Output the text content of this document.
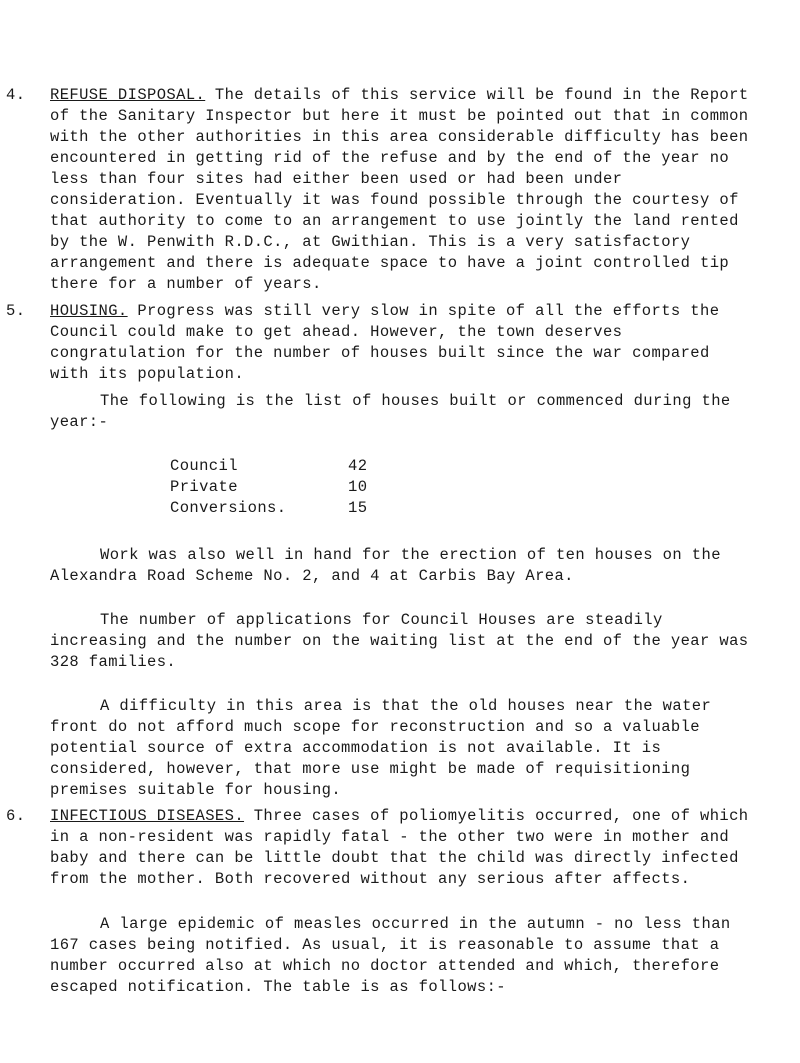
4. REFUSE DISPOSAL. The details of this service will be found in the Report of the Sanitary Inspector but here it must be pointed out that in common with the other authorities in this area considerable difficulty has been encountered in getting rid of the refuse and by the end of the year no less than four sites had either been used or had been under consideration. Eventually it was found possible through the courtesy of that authority to come to an arrangement to use jointly the land rented by the W. Penwith R.D.C., at Gwithian. This is a very satisfactory arrangement and there is adequate space to have a joint controlled tip there for a number of years.

5. HOUSING. Progress was still very slow in spite of all the efforts the Council could make to get ahead. However, the town deserves congratulation for the number of houses built since the war compared with its population.

The following is the list of houses built or commenced during the year:-

Council	42
Private	10
Conversions.	15

Work was also well in hand for the erection of ten houses on the Alexandra Road Scheme No. 2, and 4 at Carbis Bay Area.

The number of applications for Council Houses are steadily increasing and the number on the waiting list at the end of the year was 328 families.

A difficulty in this area is that the old houses near the water front do not afford much scope for reconstruction and so a valuable potential source of extra accommodation is not available. It is considered, however, that more use might be made of requisitioning premises suitable for housing.

6. INFECTIOUS DISEASES. Three cases of poliomyelitis occurred, one of which in a non-resident was rapidly fatal - the other two were in mother and baby and there can be little doubt that the child was directly infected from the mother. Both recovered without any serious after affects.

A large epidemic of measles occurred in the autumn - no less than 167 cases being notified. As usual, it is reasonable to assume that a number occurred also at which no doctor attended and which, therefore escaped notification. The table is as follows:-
